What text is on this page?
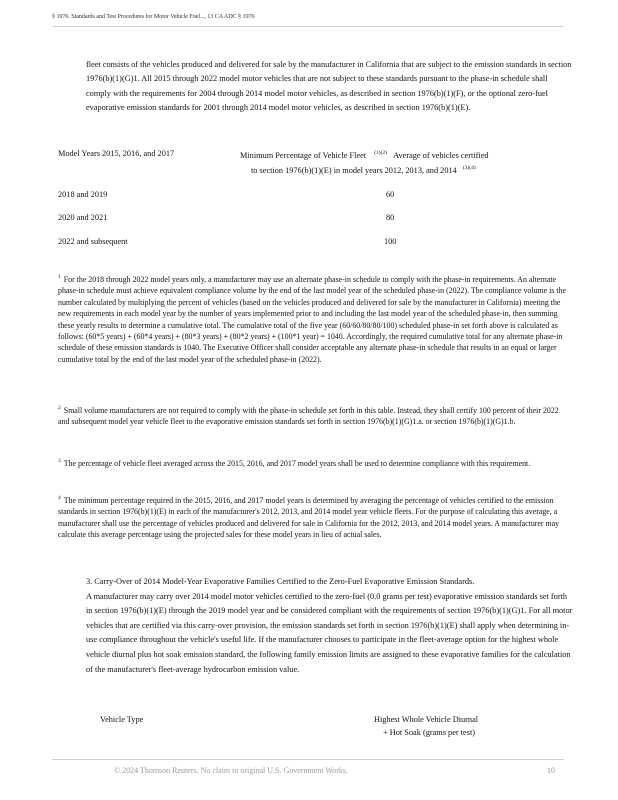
§ 1976. Standards and Test Procedures for Motor Vehicle Fuel..., 13 CA ADC § 1976

fleet consists of the vehicles produced and delivered for sale by the manufacturer in California that are subject to the emission standards in section 1976(b)(1)(G)1. All 2015 through 2022 model motor vehicles that are not subject to these standards pursuant to the phase-in schedule shall comply with the requirements for 2004 through 2014 model motor vehicles, as described in section 1976(b)(1)(F), or the optional zero-fuel evaporative emission standards for 2001 through 2014 model motor vehicles, as described in section 1976(b)(1)(E).

Model Years 2015, 2016, and 2017	Minimum Percentage of Vehicle Fleet $^{(1)(2)}$ Average of vehicles certified
to section 1976(b)(1)(E) in model years 2012, 2013, and 2014 $^{(3)(4)}$
2018 and 2019	60
2020 and 2021	80
2022 and subsequent	100

$^1$ For the 2018 through 2022 model years only, a manufacturer may use an alternate phase-in schedule to comply with the phase-in requirements. An alternate phase-in schedule must achieve equivalent compliance volume by the end of the last model year of the scheduled phase-in (2022). The compliance volume is the number calculated by multiplying the percent of vehicles (based on the vehicles produced and delivered for sale by the manufacturer in California) meeting the new requirements in each model year by the number of years implemented prior to and including the last model year of the scheduled phase-in, then summing these yearly results to determine a cumulative total. The cumulative total of the five year (60/60/80/80/100) scheduled phase-in set forth above is calculated as follows: (60*5 years) + (60*4 years) + (80*3 years) + (80*2 years) + (100*1 year) = 1040. Accordingly, the required cumulative total for any alternate phase-in schedule of these emission standards is 1040. The Executive Officer shall consider acceptable any alternate phase-in schedule that results in an equal or larger cumulative total by the end of the last model year of the scheduled phase-in (2022).

$^2$ Small volume manufacturers are not required to comply with the phase-in schedule set forth in this table. Instead, they shall certify 100 percent of their 2022 and subsequent model year vehicle fleet to the evaporative emission standards set forth in section 1976(b)(1)(G)1.a. or section 1976(b)(1)(G)1.b.

$^3$ The percentage of vehicle fleet averaged across the 2015, 2016, and 2017 model years shall be used to determine compliance with this requirement.

$^4$ The minimum percentage required in the 2015, 2016, and 2017 model years is determined by averaging the percentage of vehicles certified to the emission standards in section 1976(b)(1)(E) in each of the manufacturer's 2012, 2013, and 2014 model year vehicle fleets. For the purpose of calculating this average, a manufacturer shall use the percentage of vehicles produced and delivered for sale in California for the 2012, 2013, and 2014 model years. A manufacturer may calculate this average percentage using the projected sales for these model years in lieu of actual sales.

3. Carry-Over of 2014 Model-Year Evaporative Families Certified to the Zero-Fuel Evaporative Emission Standards.

A manufacturer may carry over 2014 model motor vehicles certified to the zero-fuel (0.0 grams per test) evaporative emission standards set forth in section 1976(b)(1)(E) through the 2019 model year and be considered compliant with the requirements of section 1976(b)(1)(G)1. For all motor vehicles that are certified via this carry-over provision, the emission standards set forth in section 1976(b)(1)(E) shall apply when determining in-use compliance throughout the vehicle's useful life. If the manufacturer chooses to participate in the fleet-average option for the highest whole vehicle diurnal plus hot soak emission standard, the following family emission limits are assigned to these evaporative families for the calculation of the manufacturer's fleet-average hydrocarbon emission value.

Vehicle Type	Highest Whole Vehicle Diurnal
+ Hot Soak (grams per test)
© 2024 Thomson Reuters. No claim to original U.S. Government Works.	10
